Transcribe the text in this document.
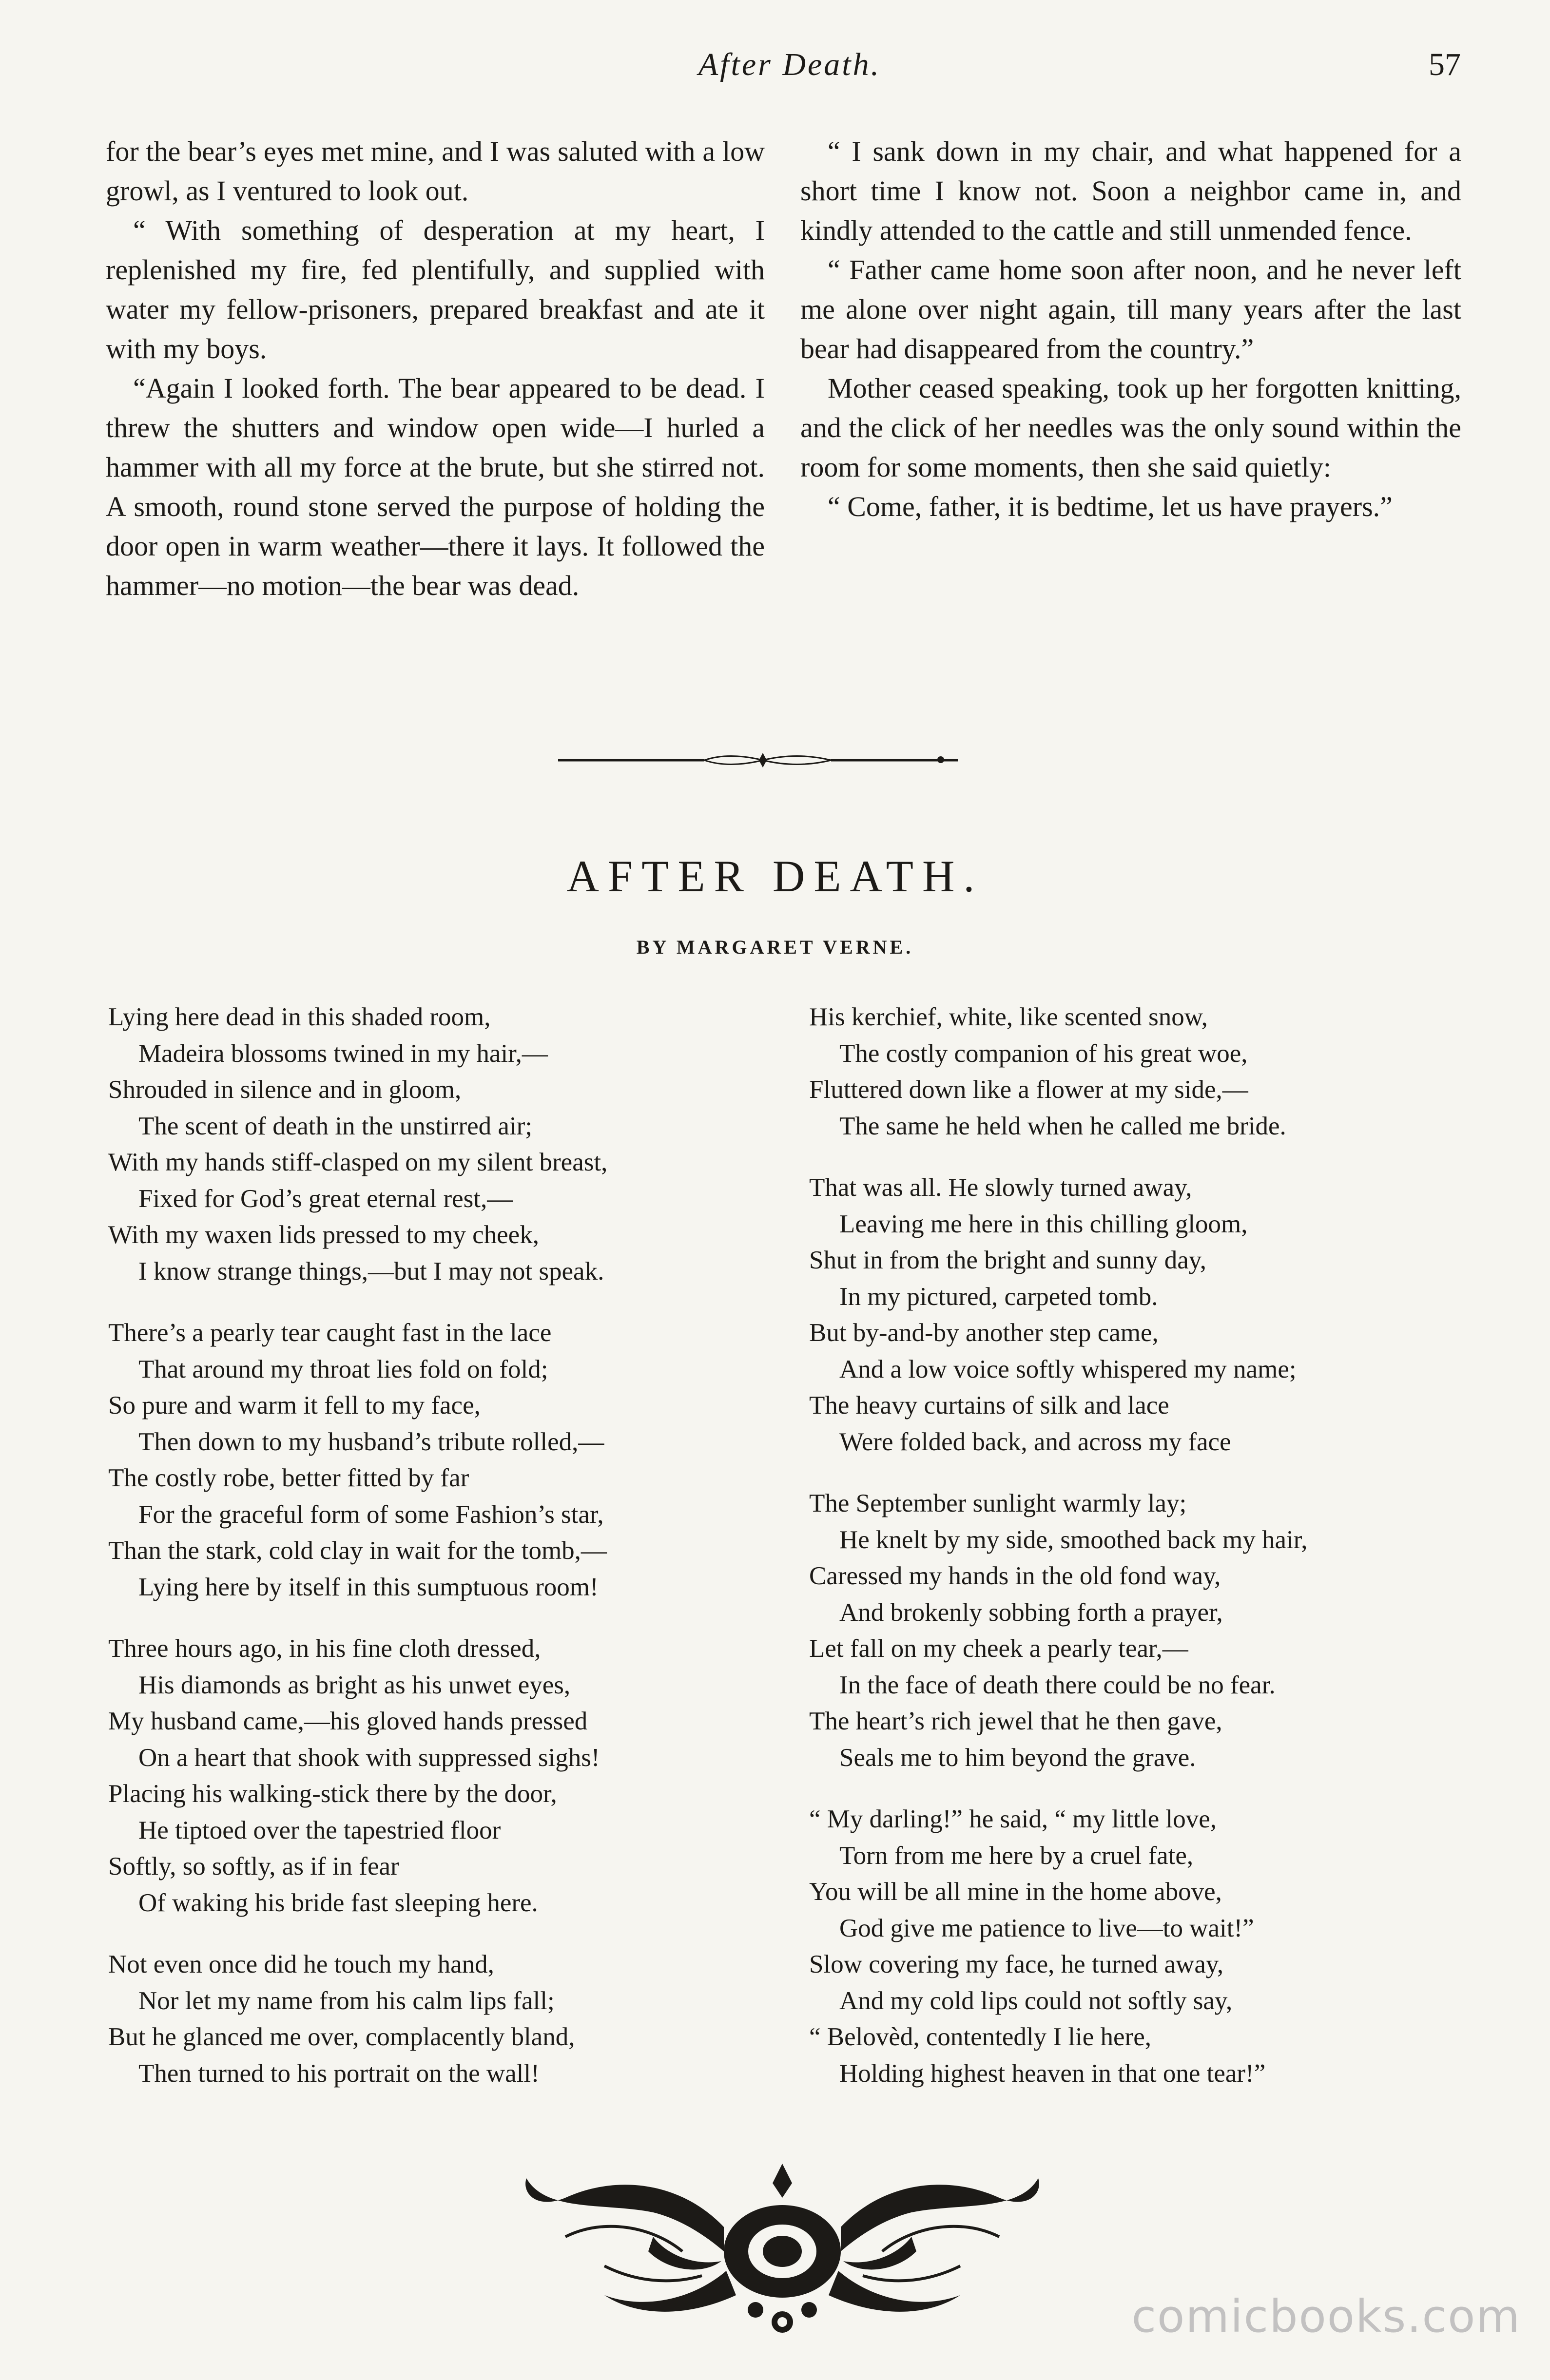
After Death.	57

for the bear’s eyes met mine, and I was saluted with a low growl, as I ventured to look out.

“ With something of desperation at my heart, I replenished my fire, fed plentifully, and supplied with water my fellow-prisoners, prepared breakfast and ate it with my boys.

“Again I looked forth. The bear appeared to be dead. I threw the shutters and window open wide—I hurled a hammer with all my force at the brute, but she stirred not. A smooth, round stone served the purpose of holding the door open in warm weather—there it lays. It followed the hammer—no motion—the bear was dead.

“ I sank down in my chair, and what happened for a short time I know not. Soon a neighbor came in, and kindly attended to the cattle and still unmended fence.

“ Father came home soon after noon, and he never left me alone over night again, till many years after the last bear had disappeared from the country.”

Mother ceased speaking, took up her forgotten knitting, and the click of her needles was the only sound within the room for some moments, then she said quietly:

“ Come, father, it is bedtime, let us have prayers.”

AFTER DEATH.
BY MARGARET VERNE.
Lying here dead in this shaded room,
Madeira blossoms twined in my hair,—
Shrouded in silence and in gloom,
The scent of death in the unstirred air;
With my hands stiff-clasped on my silent breast,
Fixed for God’s great eternal rest,—
With my waxen lids pressed to my cheek,
I know strange things,—but I may not speak.
There’s a pearly tear caught fast in the lace
That around my throat lies fold on fold;
So pure and warm it fell to my face,
Then down to my husband’s tribute rolled,—
The costly robe, better fitted by far
For the graceful form of some Fashion’s star,
Than the stark, cold clay in wait for the tomb,—
Lying here by itself in this sumptuous room!
Three hours ago, in his fine cloth dressed,
His diamonds as bright as his unwet eyes,
My husband came,—his gloved hands pressed
On a heart that shook with suppressed sighs!
Placing his walking-stick there by the door,
He tiptoed over the tapestried floor
Softly, so softly, as if in fear
Of waking his bride fast sleeping here.
Not even once did he touch my hand,
Nor let my name from his calm lips fall;
But he glanced me over, complacently bland,
Then turned to his portrait on the wall!
His kerchief, white, like scented snow,
The costly companion of his great woe,
Fluttered down like a flower at my side,—
The same he held when he called me bride.
That was all. He slowly turned away,
Leaving me here in this chilling gloom,
Shut in from the bright and sunny day,
In my pictured, carpeted tomb.
But by-and-by another step came,
And a low voice softly whispered my name;
The heavy curtains of silk and lace
Were folded back, and across my face
The September sunlight warmly lay;
He knelt by my side, smoothed back my hair,
Caressed my hands in the old fond way,
And brokenly sobbing forth a prayer,
Let fall on my cheek a pearly tear,—
In the face of death there could be no fear.
The heart’s rich jewel that he then gave,
Seals me to him beyond the grave.
“ My darling!” he said, “ my little love,
Torn from me here by a cruel fate,
You will be all mine in the home above,
God give me patience to live—to wait!”
Slow covering my face, he turned away,
And my cold lips could not softly say,
“ Belovèd, contentedly I lie here,
Holding highest heaven in that one tear!”
comicbooks.com
